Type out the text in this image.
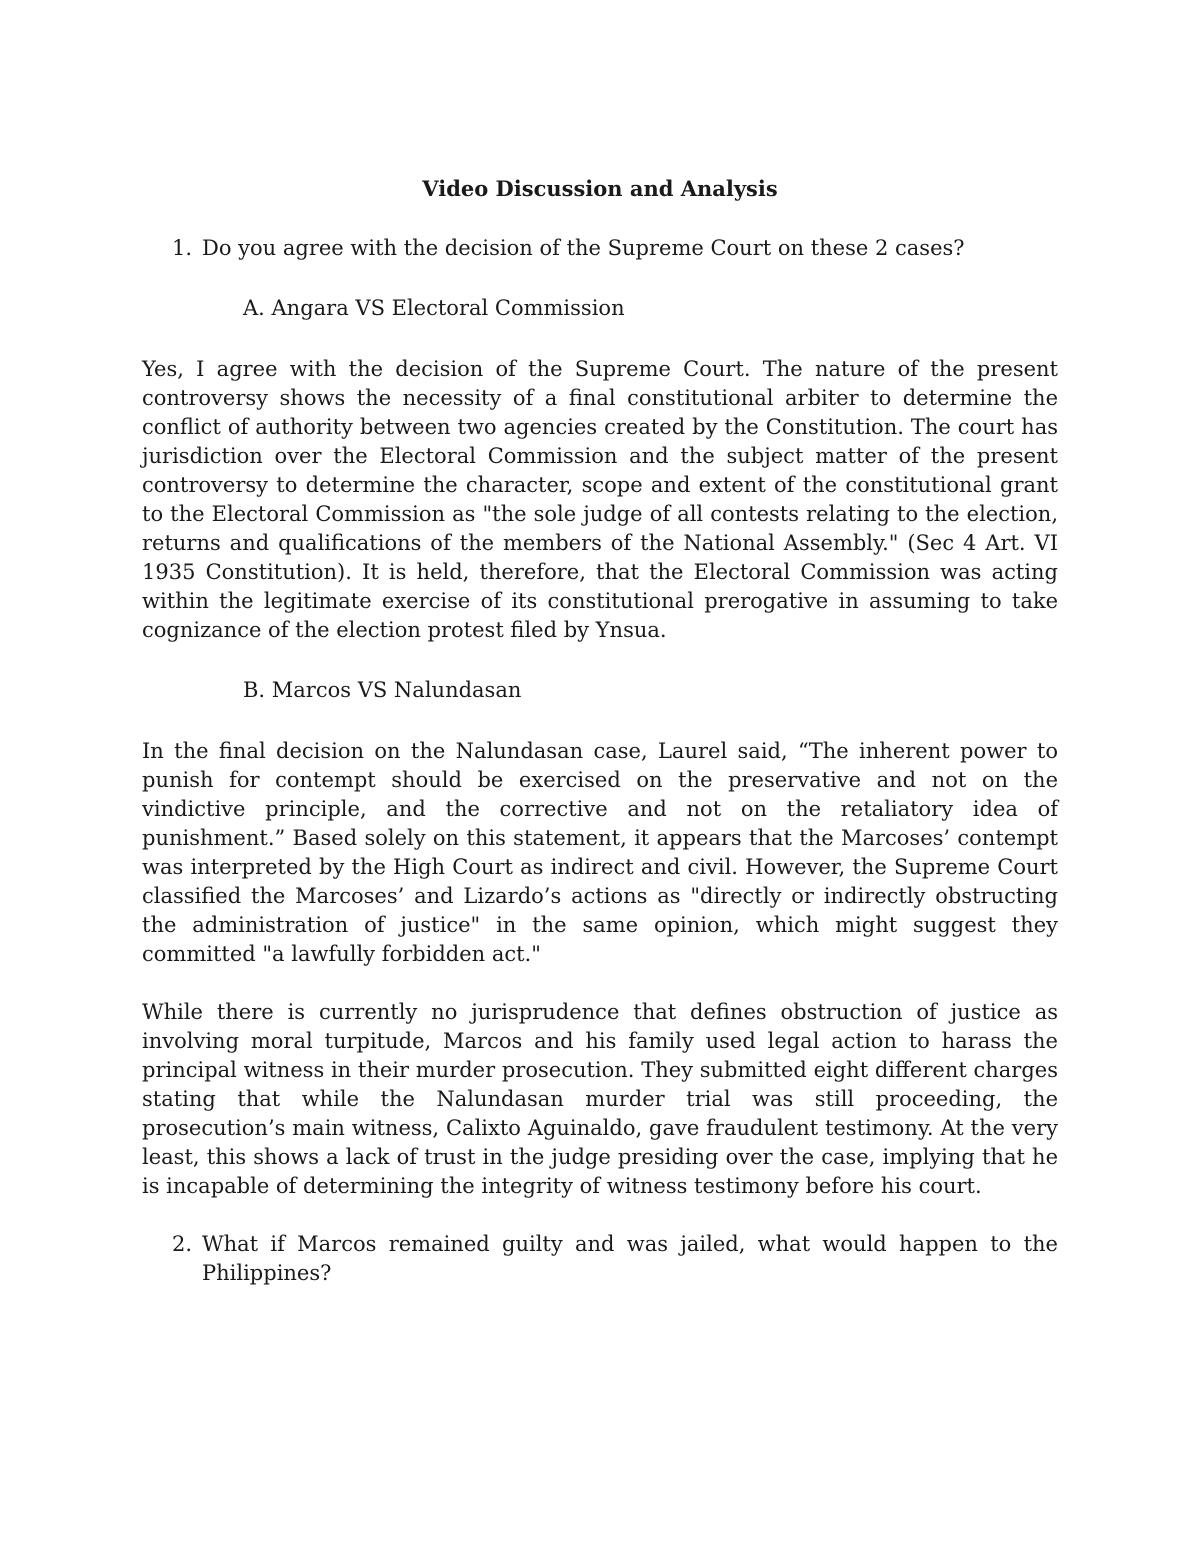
Video Discussion and Analysis
1. Do you agree with the decision of the Supreme Court on these 2 cases?
A. Angara VS Electoral Commission

Yes, I agree with the decision of the Supreme Court. The nature of the present controversy shows the necessity of a final constitutional arbiter to determine the conflict of authority between two agencies created by the Constitution. The court has jurisdiction over the Electoral Commission and the subject matter of the present controversy to determine the character, scope and extent of the constitutional grant to the Electoral Commission as "the sole judge of all contests relating to the election, returns and qualifications of the members of the National Assembly." (Sec 4 Art. VI 1935 Constitution). It is held, therefore, that the Electoral Commission was acting within the legitimate exercise of its constitutional prerogative in assuming to take cognizance of the election protest filed by Ynsua.

B. Marcos VS Nalundasan

In the final decision on the Nalundasan case, Laurel said, “The inherent power to punish for contempt should be exercised on the preservative and not on the vindictive principle, and the corrective and not on the retaliatory idea of punishment.” Based solely on this statement, it appears that the Marcoses’ contempt was interpreted by the High Court as indirect and civil. However, the Supreme Court classified the Marcoses’ and Lizardo’s actions as "directly or indirectly obstructing the administration of justice" in the same opinion, which might suggest they committed "a lawfully forbidden act."

While there is currently no jurisprudence that defines obstruction of justice as involving moral turpitude, Marcos and his family used legal action to harass the principal witness in their murder prosecution. They submitted eight different charges stating that while the Nalundasan murder trial was still proceeding, the prosecution’s main witness, Calixto Aguinaldo, gave fraudulent testimony. At the very least, this shows a lack of trust in the judge presiding over the case, implying that he is incapable of determining the integrity of witness testimony before his court.

2. What if Marcos remained guilty and was jailed, what would happen to the Philippines?
